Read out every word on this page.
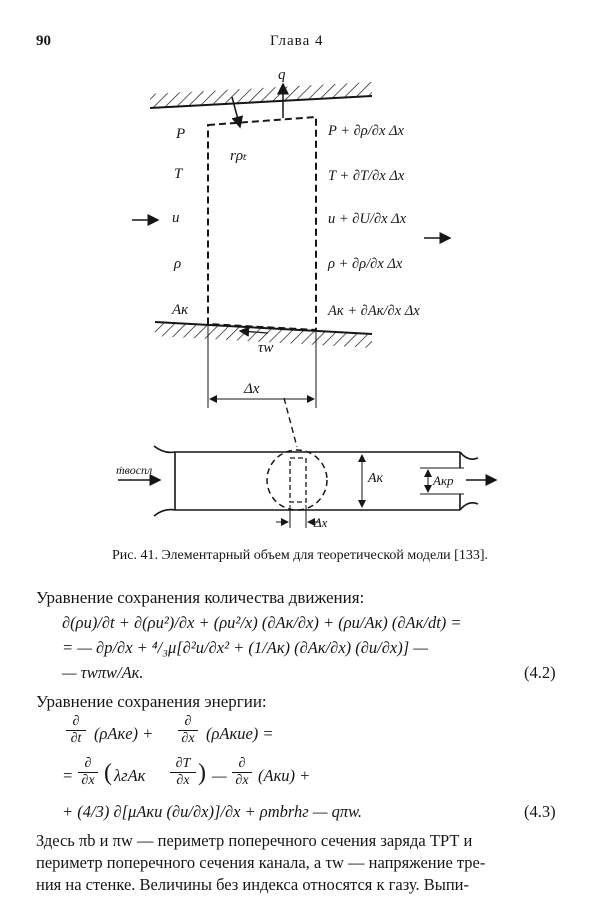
90	Глава 4
q
rρₜ
P
T
u
ρ
Aк
P + ∂ρ/∂x Δx
T + ∂T/∂x Δx
u + ∂U/∂x Δx
ρ + ∂ρ/∂x Δx
Aк + ∂Aк/∂x Δx
τw
Δx
ṁвоспл
Aк	Aкр
Δx
Рис. 41. Элементарный объем для теоретической модели [133].
Уравнение сохранения количества движения:
∂(ρu)/∂t + ∂(ρu²)/∂x + (ρu²/x) (∂Aк/∂x) + (ρu/Aк) (∂Aк/dt) =
= — ∂p/∂x + ⁴/₃μ[∂²u/∂x² + (1/Aк) (∂Aк/∂x) (∂u/∂x)] —
— τwπw/Aк.	(4.2)
Уравнение сохранения энергии:
∂
∂t (ρAкe) +
∂
∂x (ρAкue) =
=
∂
∂x ( λгAк
∂T
∂x ) —
∂
∂x (Aкu) +
+ (4/3) ∂[μAкu (∂u/∂x)]/∂x + ρтbrhг — qπw.	(4.3)
Здесь πb и πw — периметр поперечного сечения заряда ТРТ и
периметр поперечного сечения канала, а τw — напряжение тре-
ния на стенке. Величины без индекса относятся к газу. Выпи-
